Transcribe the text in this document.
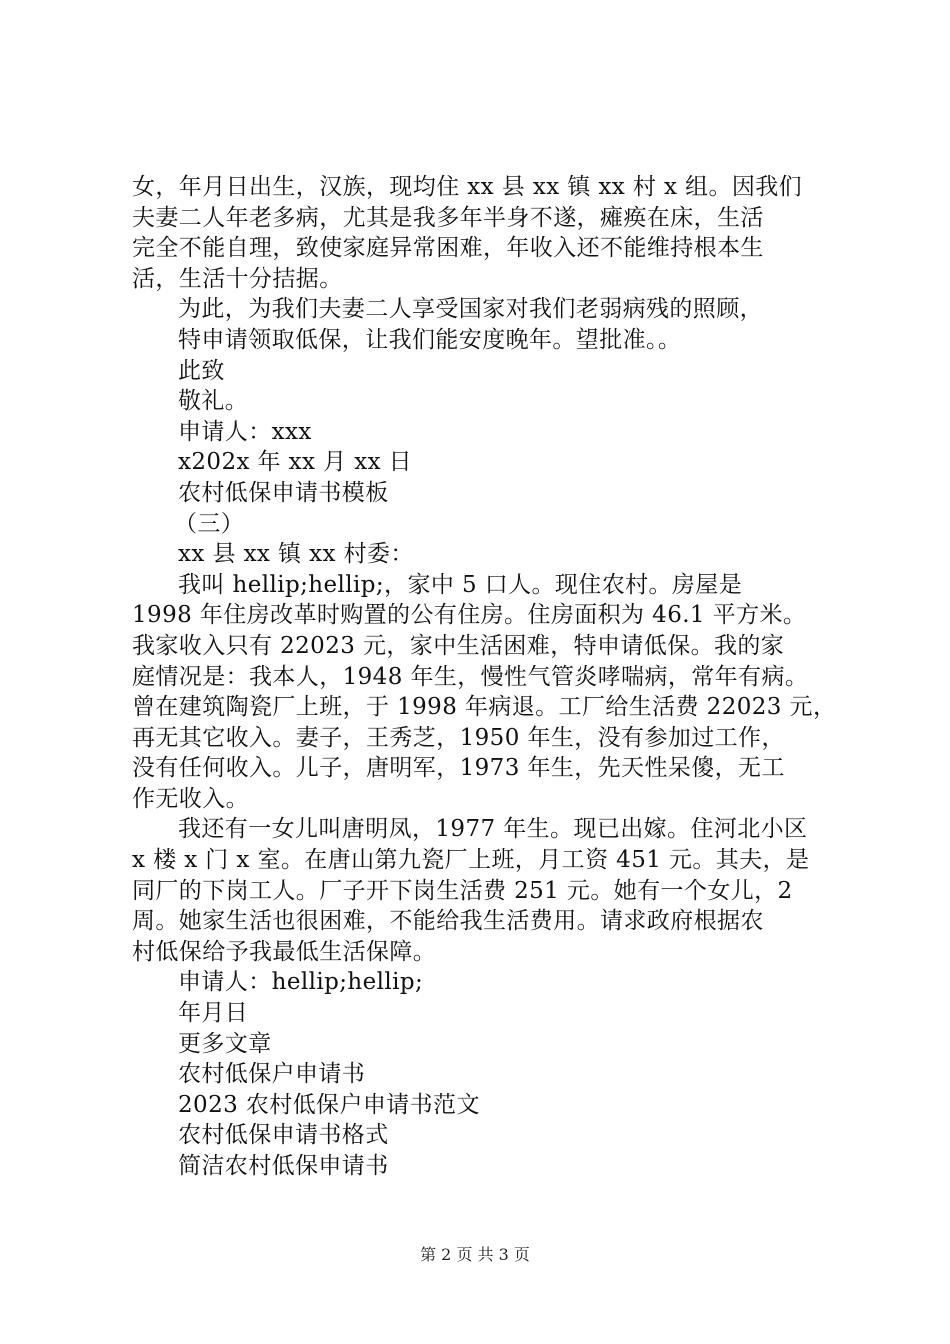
女，年月日出生，汉族，现均住 xx 县 xx 镇 xx 村 x 组。因我们
夫妻二人年老多病，尤其是我多年半身不遂，瘫痪在床，生活
完全不能自理，致使家庭异常困难，年收入还不能维持根本生
活，生活十分拮据。
为此，为我们夫妻二人享受国家对我们老弱病残的照顾，
特申请领取低保，让我们能安度晚年。望批准。。
此致
敬礼。
申请人：xxx
x202x 年 xx 月 xx 日
农村低保申请书模板
（三）
xx 县 xx 镇 xx 村委：
我叫 hellip;hellip;，家中 5 口人。现住农村。房屋是
1998 年住房改革时购置的公有住房。住房面积为 46.1 平方米。
我家收入只有 22023 元，家中生活困难，特申请低保。我的家
庭情况是：我本人，1948 年生，慢性气管炎哮喘病，常年有病。
曾在建筑陶瓷厂上班，于 1998 年病退。工厂给生活费 22023 元，
再无其它收入。妻子，王秀芝，1950 年生，没有参加过工作，
没有任何收入。儿子，唐明军，1973 年生，先天性呆傻，无工
作无收入。
我还有一女儿叫唐明凤，1977 年生。现已出嫁。住河北小区
x 楼 x 门 x 室。在唐山第九瓷厂上班，月工资 451 元。其夫，是
同厂的下岗工人。厂子开下岗生活费 251 元。她有一个女儿，2
周。她家生活也很困难，不能给我生活费用。请求政府根据农
村低保给予我最低生活保障。
申请人：hellip;hellip;
年月日
更多文章
农村低保户申请书
2023 农村低保户申请书范文
农村低保申请书格式
简洁农村低保申请书
第 2 页 共 3 页
